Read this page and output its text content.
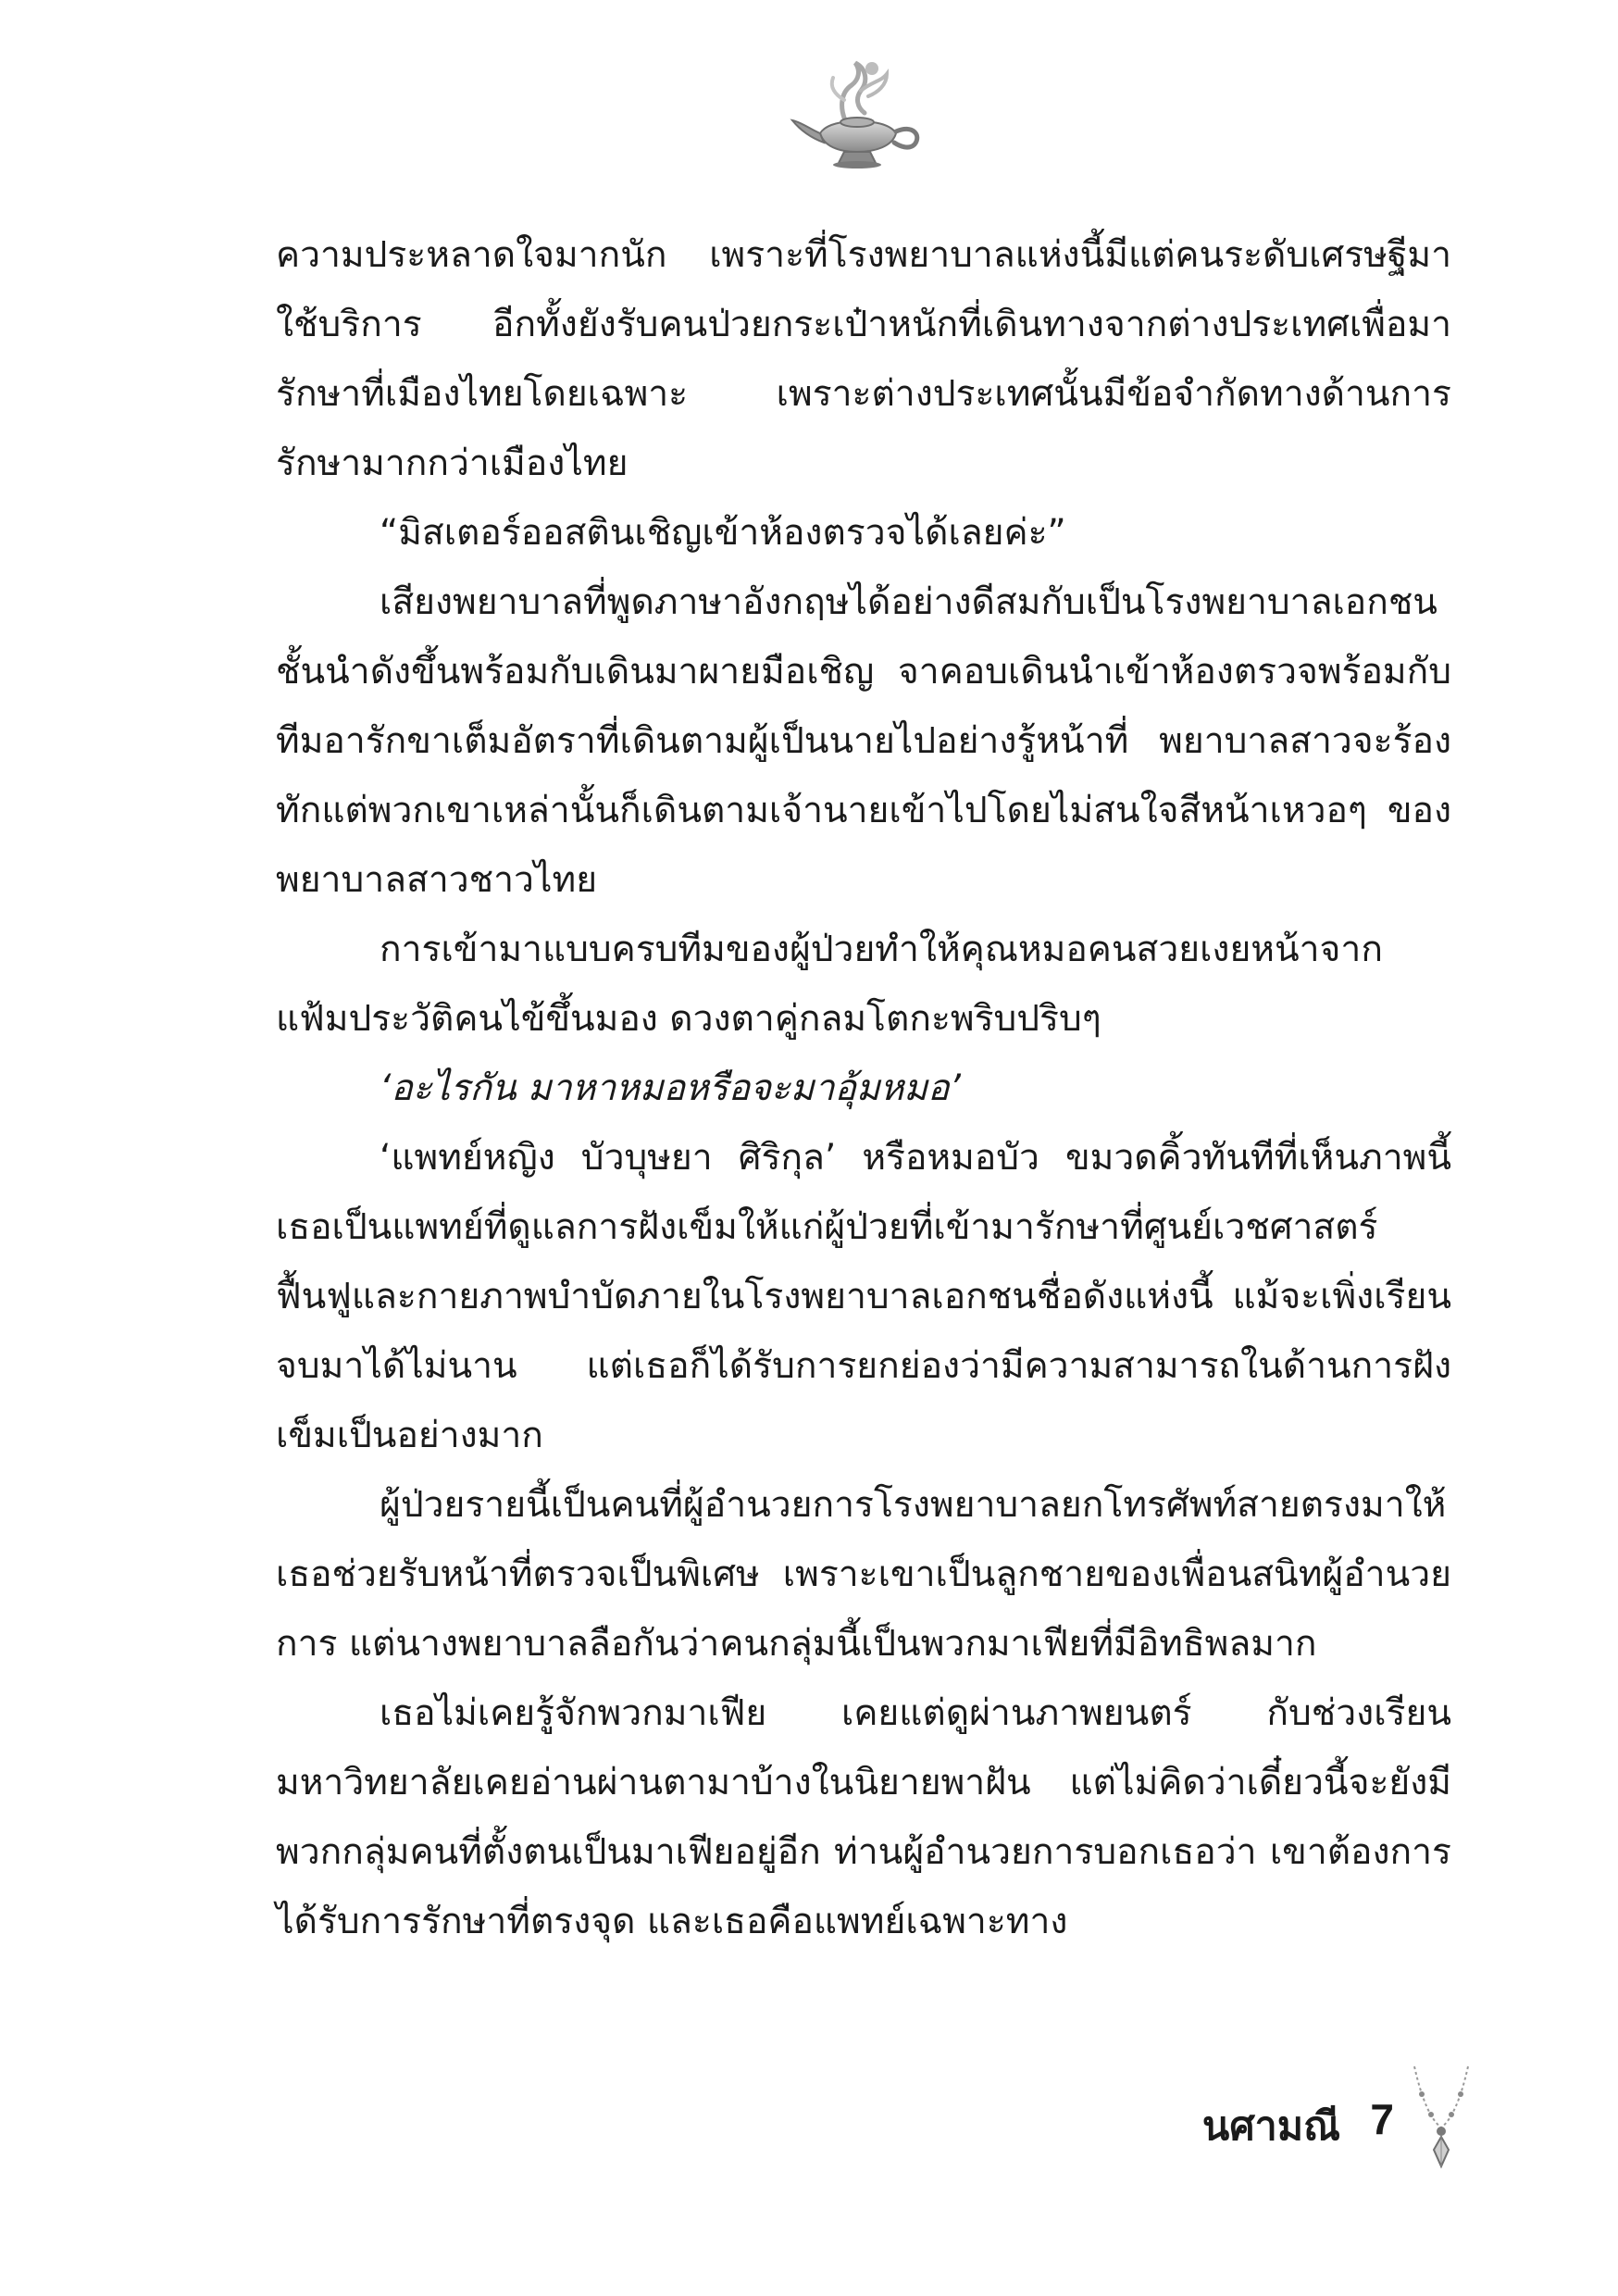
ความประหลาดใจมากนัก เพราะที่โรงพยาบาลแห่งนี้มีแต่คนระดับเศรษฐีมาใช้บริการ อีกทั้งยังรับคนป่วยกระเป๋าหนักที่เดินทางจากต่างประเทศเพื่อมารักษาที่เมืองไทยโดยเฉพาะ เพราะต่างประเทศนั้นมีข้อจำกัดทางด้านการรักษามากกว่าเมืองไทย

“มิสเตอร์ออสตินเชิญเข้าห้องตรวจได้เลยค่ะ”

เสียงพยาบาลที่พูดภาษาอังกฤษได้อย่างดีสมกับเป็นโรงพยาบาลเอกชนชั้นนำดังขึ้นพร้อมกับเดินมาผายมือเชิญ จาคอบเดินนำเข้าห้องตรวจพร้อมกับทีมอารักขาเต็มอัตราที่เดินตามผู้เป็นนายไปอย่างรู้หน้าที่ พยาบาลสาวจะร้องทักแต่พวกเขาเหล่านั้นก็เดินตามเจ้านายเข้าไปโดยไม่สนใจสีหน้าเหวอๆ ของพยาบาลสาวชาวไทย

การเข้ามาแบบครบทีมของผู้ป่วยทำให้คุณหมอคนสวยเงยหน้าจากแฟ้มประวัติคนไข้ขึ้นมอง ดวงตาคู่กลมโตกะพริบปริบๆ

‘อะไรกัน มาหาหมอหรือจะมาอุ้มหมอ’

‘แพทย์หญิง บัวบุษยา ศิริกุล’ หรือหมอบัว ขมวดคิ้วทันทีที่เห็นภาพนี้ เธอเป็นแพทย์ที่ดูแลการฝังเข็มให้แก่ผู้ป่วยที่เข้ามารักษาที่ศูนย์เวชศาสตร์ฟื้นฟูและกายภาพบำบัดภายในโรงพยาบาลเอกชนชื่อดังแห่งนี้ แม้จะเพิ่งเรียนจบมาได้ไม่นาน แต่เธอก็ได้รับการยกย่องว่ามีความสามารถในด้านการฝังเข็มเป็นอย่างมาก

ผู้ป่วยรายนี้เป็นคนที่ผู้อำนวยการโรงพยาบาลยกโทรศัพท์สายตรงมาให้เธอช่วยรับหน้าที่ตรวจเป็นพิเศษ เพราะเขาเป็นลูกชายของเพื่อนสนิทผู้อำนวยการ แต่นางพยาบาลลือกันว่าคนกลุ่มนี้เป็นพวกมาเฟียที่มีอิทธิพลมาก

เธอไม่เคยรู้จักพวกมาเฟีย เคยแต่ดูผ่านภาพยนตร์ กับช่วงเรียนมหาวิทยาลัยเคยอ่านผ่านตามาบ้างในนิยายพาฝัน แต่ไม่คิดว่าเดี๋ยวนี้จะยังมีพวกกลุ่มคนที่ตั้งตนเป็นมาเฟียอยู่อีก ท่านผู้อำนวยการบอกเธอว่า เขาต้องการได้รับการรักษาที่ตรงจุด และเธอคือแพทย์เฉพาะทาง

นศามณี 7
